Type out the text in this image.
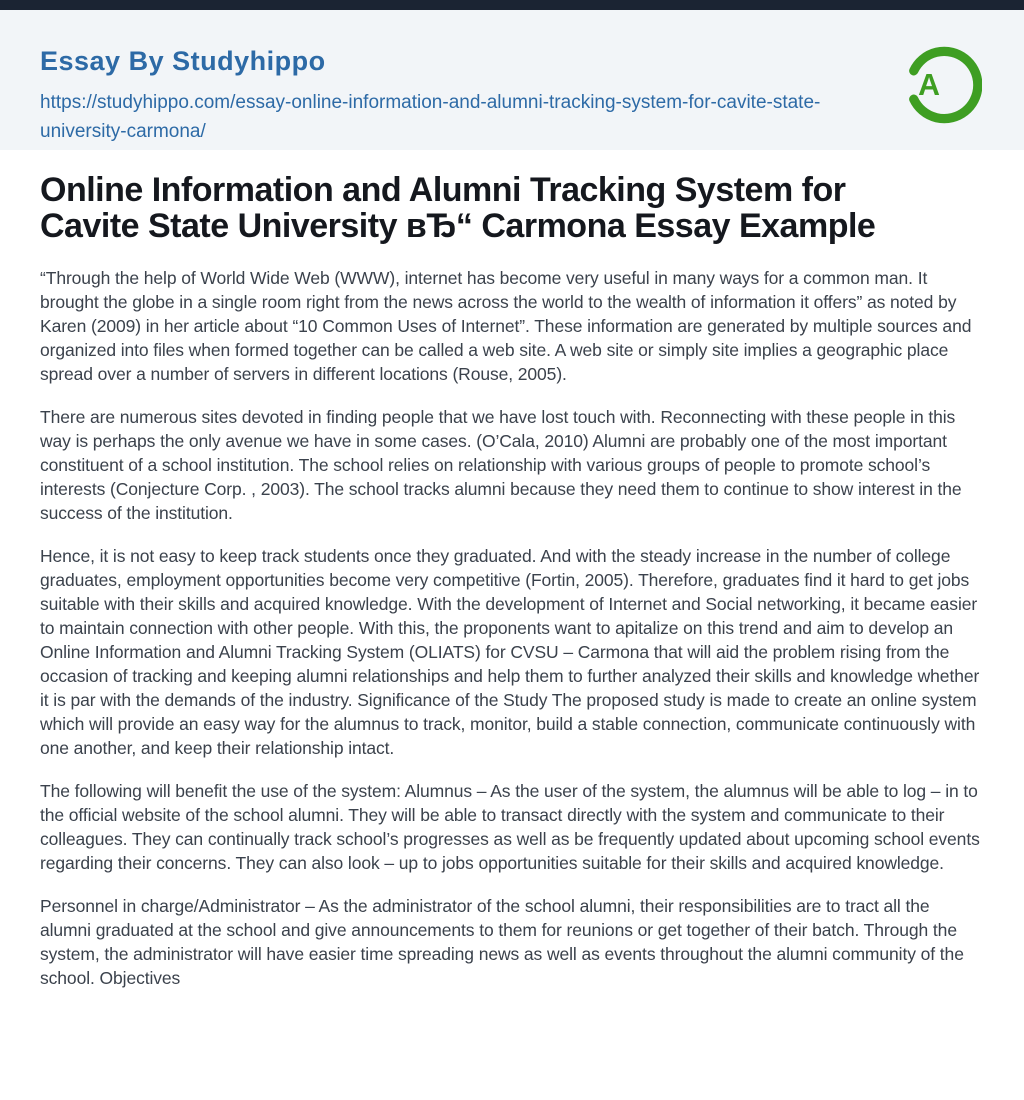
Essay By Studyhippo
https://studyhippo.com/essay-online-information-and-alumni-tracking-system-for-cavite-state-university-carmona/
A
Online Information and Alumni Tracking System for Cavite State University вЂ“ Carmona Essay Example

“Through the help of World Wide Web (WWW), internet has become very useful in many ways for a common man. It brought the globe in a single room right from the news across the world to the wealth of information it offers” as noted by Karen (2009) in her article about “10 Common Uses of Internet”. These information are generated by multiple sources and organized into files when formed together can be called a web site. A web site or simply site implies a geographic place spread over a number of servers in different locations (Rouse, 2005).

There are numerous sites devoted in finding people that we have lost touch with. Reconnecting with these people in this way is perhaps the only avenue we have in some cases. (O’Cala, 2010) Alumni are probably one of the most important constituent of a school institution. The school relies on relationship with various groups of people to promote school’s interests (Conjecture Corp. , 2003). The school tracks alumni because they need them to continue to show interest in the success of the institution.

Hence, it is not easy to keep track students once they graduated. And with the steady increase in the number of college graduates, employment opportunities become very competitive (Fortin, 2005). Therefore, graduates find it hard to get jobs suitable with their skills and acquired knowledge. With the development of Internet and Social networking, it became easier to maintain connection with other people. With this, the proponents want to apitalize on this trend and aim to develop an Online Information and Alumni Tracking System (OLIATS) for CVSU – Carmona that will aid the problem rising from the occasion of tracking and keeping alumni relationships and help them to further analyzed their skills and knowledge whether it is par with the demands of the industry. Significance of the Study The proposed study is made to create an online system which will provide an easy way for the alumnus to track, monitor, build a stable connection, communicate continuously with one another, and keep their relationship intact.

The following will benefit the use of the system: Alumnus – As the user of the system, the alumnus will be able to log – in to the official website of the school alumni. They will be able to transact directly with the system and communicate to their colleagues. They can continually track school’s progresses as well as be frequently updated about upcoming school events regarding their concerns. They can also look – up to jobs opportunities suitable for their skills and acquired knowledge.

Personnel in charge/Administrator – As the administrator of the school alumni, their responsibilities are to tract all the alumni graduated at the school and give announcements to them for reunions or get together of their batch. Through the system, the administrator will have easier time spreading news as well as events throughout the alumni community of the school. Objectives
